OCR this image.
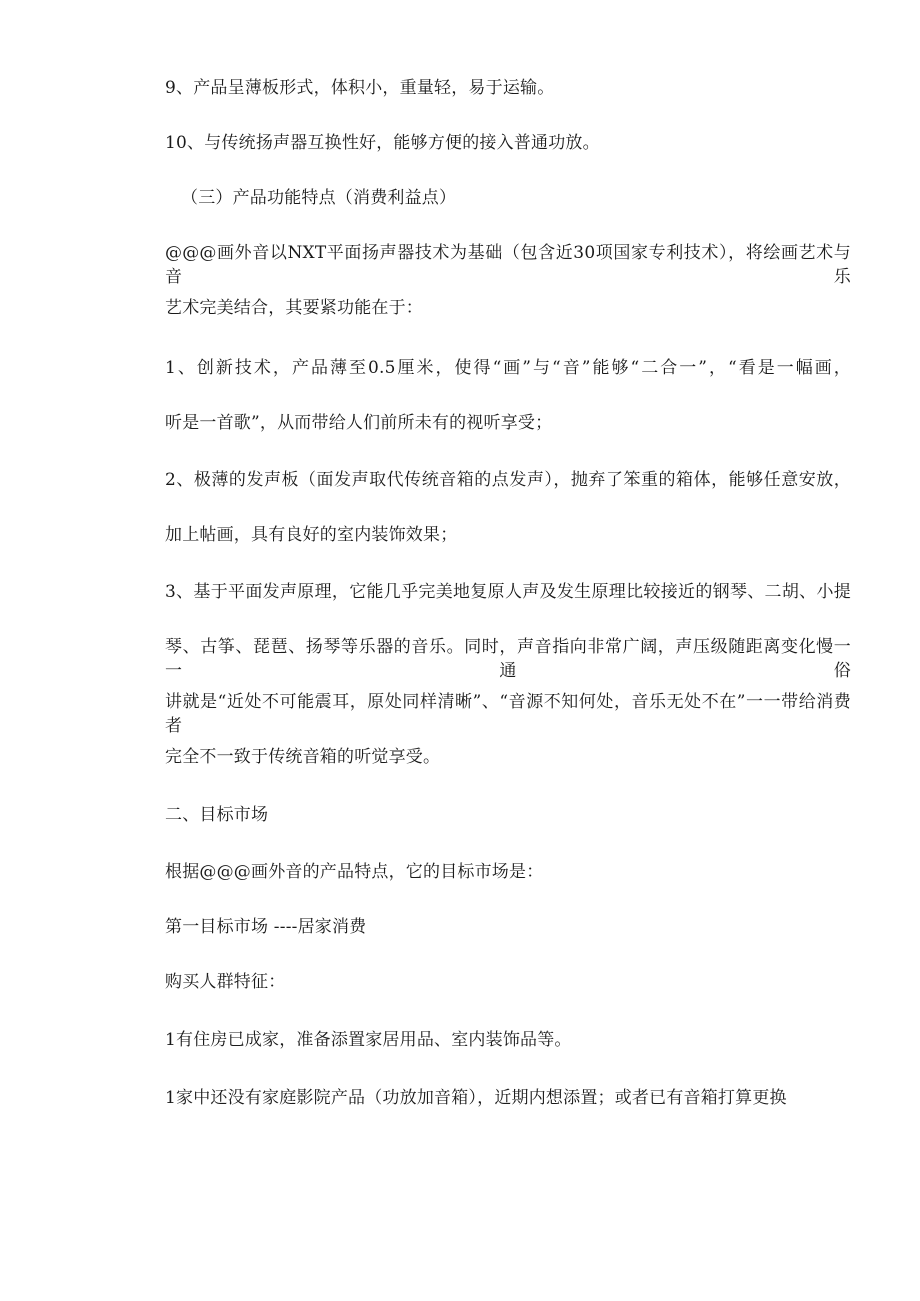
9、产品呈薄板形式，体积小，重量轻，易于运输。
10、与传统扬声器互换性好，能够方便的接入普通功放。
（三）产品功能特点（消费利益点）
@@@画外音以NXT平面扬声器技术为基础（包含近30项国家专利技术），将绘画艺术与音乐
艺术完美结合，其要紧功能在于：
1、创新技术，产品薄至0.5厘米，使得“画”与“音”能够“二合一”，“看是一幅画，
听是一首歌”，从而带给人们前所未有的视听享受；
2、极薄的发声板（面发声取代传统音箱的点发声），抛弃了笨重的箱体，能够任意安放，
加上帖画，具有良好的室内装饰效果；
3、基于平面发声原理，它能几乎完美地复原人声及发生原理比较接近的钢琴、二胡、小提
琴、古筝、琵琶、扬琴等乐器的音乐。同时，声音指向非常广阔，声压级随距离变化慢一一通俗
讲就是“近处不可能震耳，原处同样清晰”、“音源不知何处，音乐无处不在”一一带给消费者
完全不一致于传统音箱的听觉享受。
二、目标市场
根据@@@画外音的产品特点，它的目标市场是：
第一目标市场 ----居家消费
购买人群特征：
1有住房已成家，准备添置家居用品、室内装饰品等。
1家中还没有家庭影院产品（功放加音箱），近期内想添置；或者已有音箱打算更换
